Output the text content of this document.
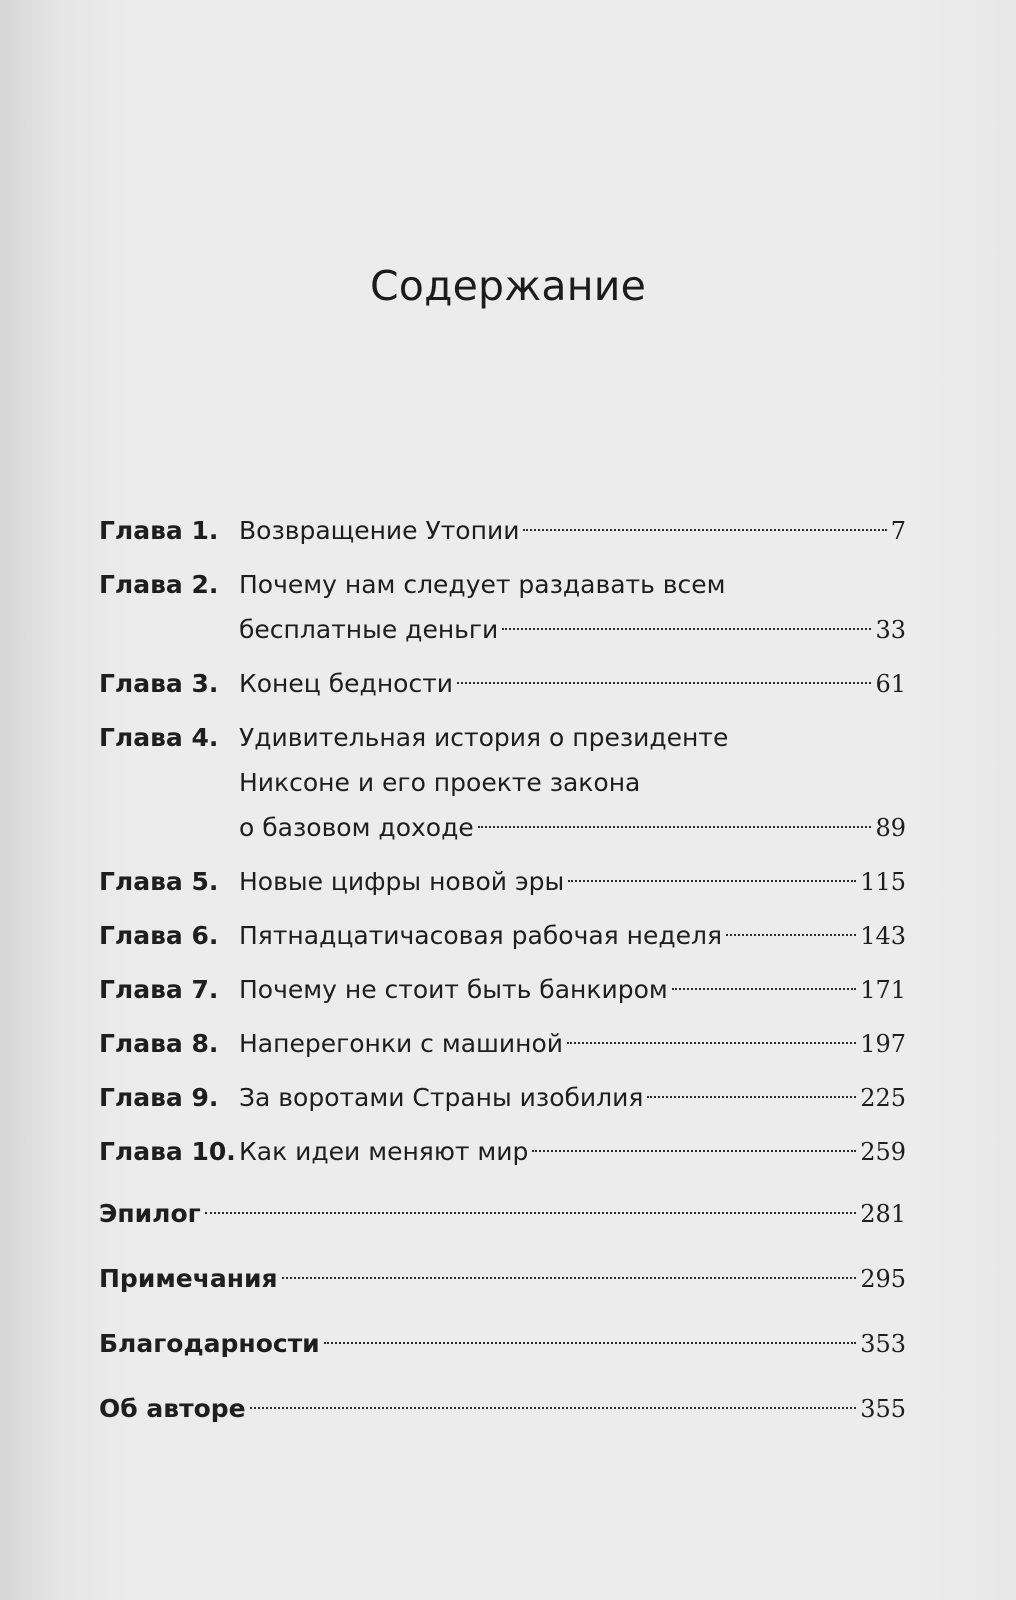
Содержание
Глава 1. Возвращение Утопии	7
Глава 2. Почему нам следует раздавать всем
бесплатные деньги	33
Глава 3. Конец бедности	61
Глава 4. Удивительная история о президенте
Никсоне и его проекте закона
о базовом доходе	89
Глава 5. Новые цифры новой эры	115
Глава 6. Пятнадцатичасовая рабочая неделя	143
Глава 7. Почему не стоит быть банкиром	171
Глава 8. Наперегонки с машиной	197
Глава 9. За воротами Страны изобилия	225
Глава 10. Как идеи меняют мир	259
Эпилог	281
Примечания	295
Благодарности	353
Об авторе	355
